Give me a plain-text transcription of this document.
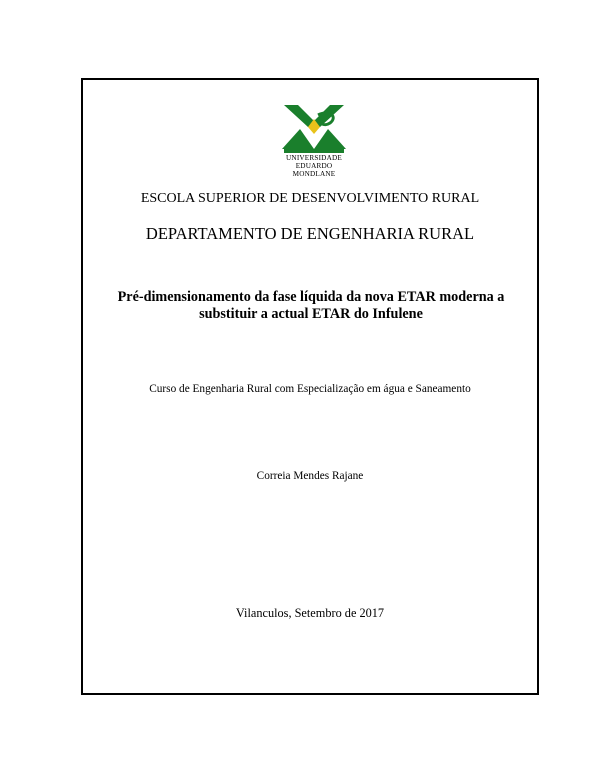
UNIVERSIDADE
EDUARDO
MONDLANE
ESCOLA SUPERIOR DE DESENVOLVIMENTO RURAL
DEPARTAMENTO DE ENGENHARIA RURAL
Pré-dimensionamento da fase líquida da nova ETAR moderna a substituir a actual ETAR do Infulene
Curso de Engenharia Rural com Especialização em água e Saneamento
Correia Mendes Rajane
Vilanculos, Setembro de 2017
